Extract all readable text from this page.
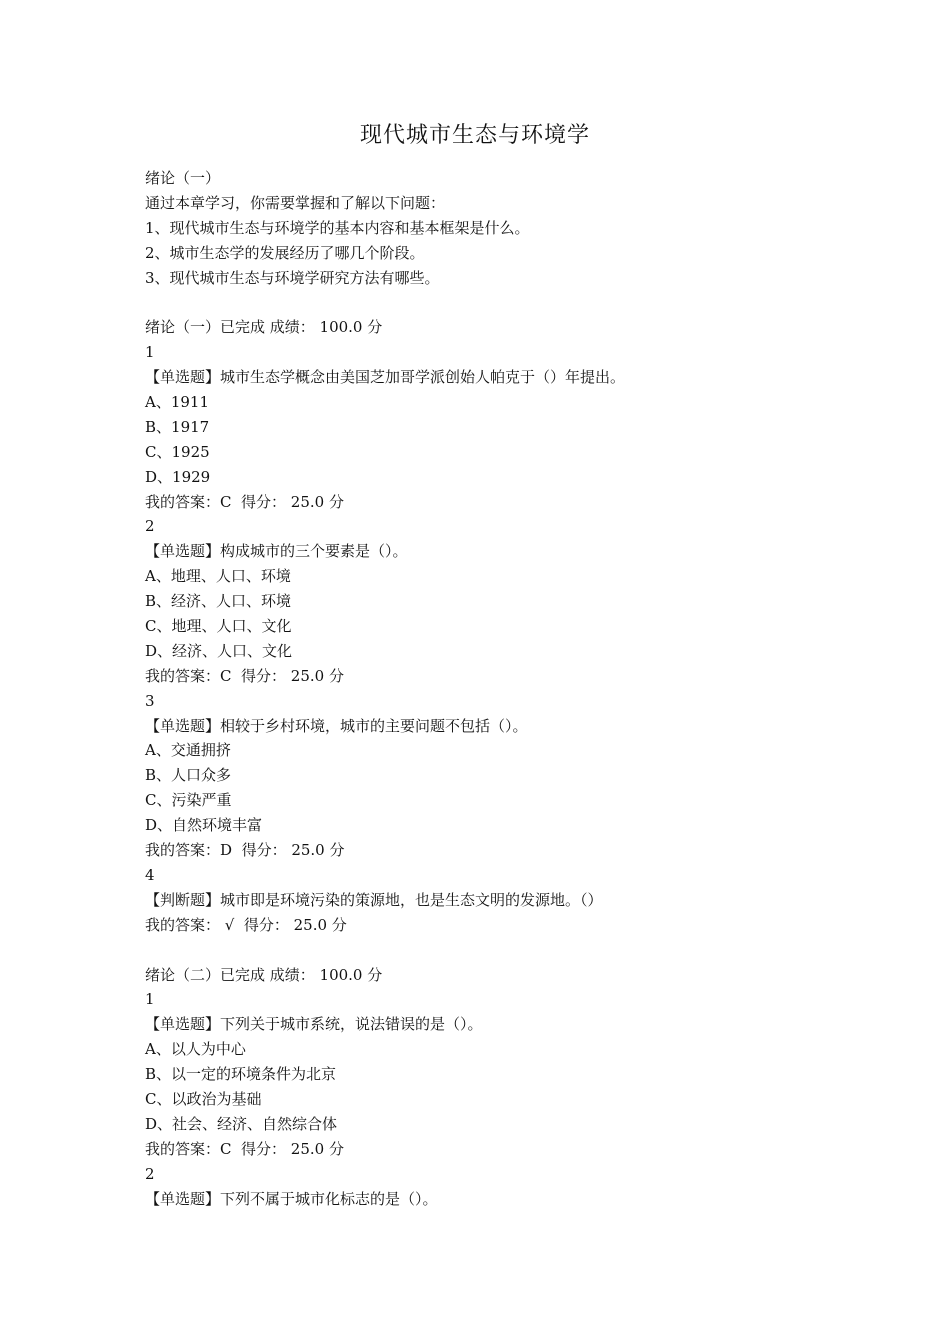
现代城市生态与环境学
绪论（一）
通过本章学习，你需要掌握和了解以下问题：
1、现代城市生态与环境学的基本内容和基本框架是什么。
2、城市生态学的发展经历了哪几个阶段。
3、现代城市生态与环境学研究方法有哪些。
绪论（一）已完成 成绩： 100.0 分
1
【单选题】城市生态学概念由美国芝加哥学派创始人帕克于（）年提出。
A、1911
B、1917
C、1925
D、1929
我的答案：C  得分： 25.0 分
2
【单选题】构成城市的三个要素是（）。
A、地理、人口、环境
B、经济、人口、环境
C、地理、人口、文化
D、经济、人口、文化
我的答案：C  得分： 25.0 分
3
【单选题】相较于乡村环境，城市的主要问题不包括（）。
A、交通拥挤
B、人口众多
C、污染严重
D、自然环境丰富
我的答案：D  得分： 25.0 分
4
【判断题】城市即是环境污染的策源地，也是生态文明的发源地。（）
我的答案： √  得分： 25.0 分
绪论（二）已完成 成绩： 100.0 分
1
【单选题】下列关于城市系统，说法错误的是（）。
A、以人为中心
B、以一定的环境条件为北京
C、以政治为基础
D、社会、经济、自然综合体
我的答案：C  得分： 25.0 分
2
【单选题】下列不属于城市化标志的是（）。
